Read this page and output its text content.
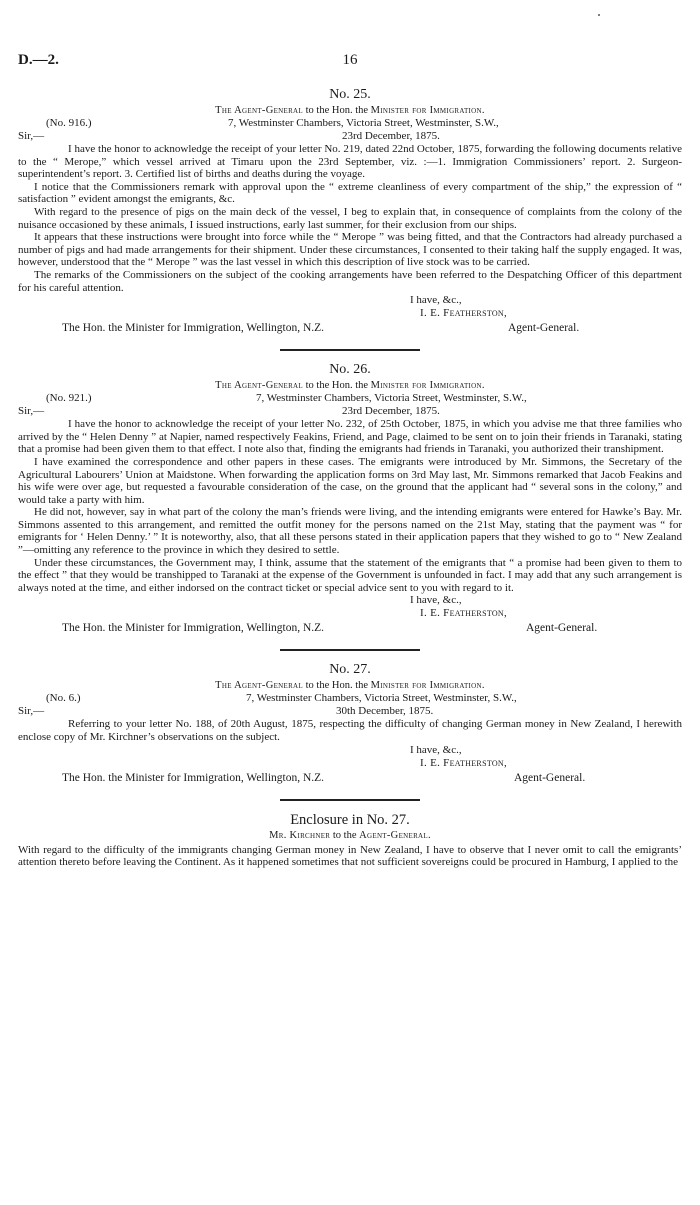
D.—2.	16
No. 25.
The Agent-General to the Hon. the Minister for Immigration.
(No. 916.)	7, Westminster Chambers, Victoria Street, Westminster, S.W.,
Sir,—	23rd December, 1875.

I have the honor to acknowledge the receipt of your letter No. 219, dated 22nd October, 1875, forwarding the following documents relative to the “ Merope,” which vessel arrived at Timaru upon the 23rd September, viz. :—1. Immigration Commissioners’ report. 2. Surgeon-superintendent’s report. 3. Certified list of births and deaths during the voyage.

I notice that the Commissioners remark with approval upon the “ extreme cleanliness of every compartment of the ship,” the expression of “ satisfaction ” evident amongst the emigrants, &c.

With regard to the presence of pigs on the main deck of the vessel, I beg to explain that, in consequence of complaints from the colony of the nuisance occasioned by these animals, I issued instructions, early last summer, for their exclusion from our ships.

It appears that these instructions were brought into force while the “ Merope ” was being fitted, and that the Contractors had already purchased a number of pigs and had made arrangements for their shipment. Under these circumstances, I consented to their taking half the supply engaged. It was, however, understood that the “ Merope ” was the last vessel in which this description of live stock was to be carried.

The remarks of the Commissioners on the subject of the cooking arrangements have been referred to the Despatching Officer of this department for his careful attention.

I have, &c.,
I. E. Featherston,
The Hon. the Minister for Immigration, Wellington, N.Z.	Agent-General.
No. 26.
The Agent-General to the Hon. the Minister for Immigration.
(No. 921.)	7, Westminster Chambers, Victoria Street, Westminster, S.W.,
Sir,—	23rd December, 1875.

I have the honor to acknowledge the receipt of your letter No. 232, of 25th October, 1875, in which you advise me that three families who arrived by the “ Helen Denny ” at Napier, named respectively Feakins, Friend, and Page, claimed to be sent on to join their friends in Taranaki, stating that a promise had been given them to that effect. I note also that, finding the emigrants had friends in Taranaki, you authorized their transhipment.

I have examined the correspondence and other papers in these cases. The emigrants were introduced by Mr. Simmons, the Secretary of the Agricultural Labourers’ Union at Maidstone. When forwarding the application forms on 3rd May last, Mr. Simmons remarked that Jacob Feakins and his wife were over age, but requested a favourable consideration of the case, on the ground that the applicant had “ several sons in the colony,” and would take a party with him.

He did not, however, say in what part of the colony the man’s friends were living, and the intending emigrants were entered for Hawke’s Bay. Mr. Simmons assented to this arrangement, and remitted the outfit money for the persons named on the 21st May, stating that the payment was “ for emigrants for ‘ Helen Denny.’ ” It is noteworthy, also, that all these persons stated in their application papers that they wished to go to “ New Zealand ”—omitting any reference to the province in which they desired to settle.

Under these circumstances, the Government may, I think, assume that the statement of the emigrants that “ a promise had been given to them to the effect ” that they would be transhipped to Taranaki at the expense of the Government is unfounded in fact. I may add that any such arrangement is always noted at the time, and either indorsed on the contract ticket or special advice sent to you with regard to it.

I have, &c.,
I. E. Featherston,
The Hon. the Minister for Immigration, Wellington, N.Z.	Agent-General.
No. 27.
The Agent-General to the Hon. the Minister for Immigration.
(No. 6.)	7, Westminster Chambers, Victoria Street, Westminster, S.W.,
Sir,—	30th December, 1875.

Referring to your letter No. 188, of 20th August, 1875, respecting the difficulty of changing German money in New Zealand, I herewith enclose copy of Mr. Kirchner’s observations on the subject.

I have, &c.,
I. E. Featherston,
The Hon. the Minister for Immigration, Wellington, N.Z.	Agent-General.
Enclosure in No. 27.
Mr. Kirchner to the Agent-General.

With regard to the difficulty of the immigrants changing German money in New Zealand, I have to observe that I never omit to call the emigrants’ attention thereto before leaving the Continent. As it happened sometimes that not sufficient sovereigns could be procured in Hamburg, I applied to the
